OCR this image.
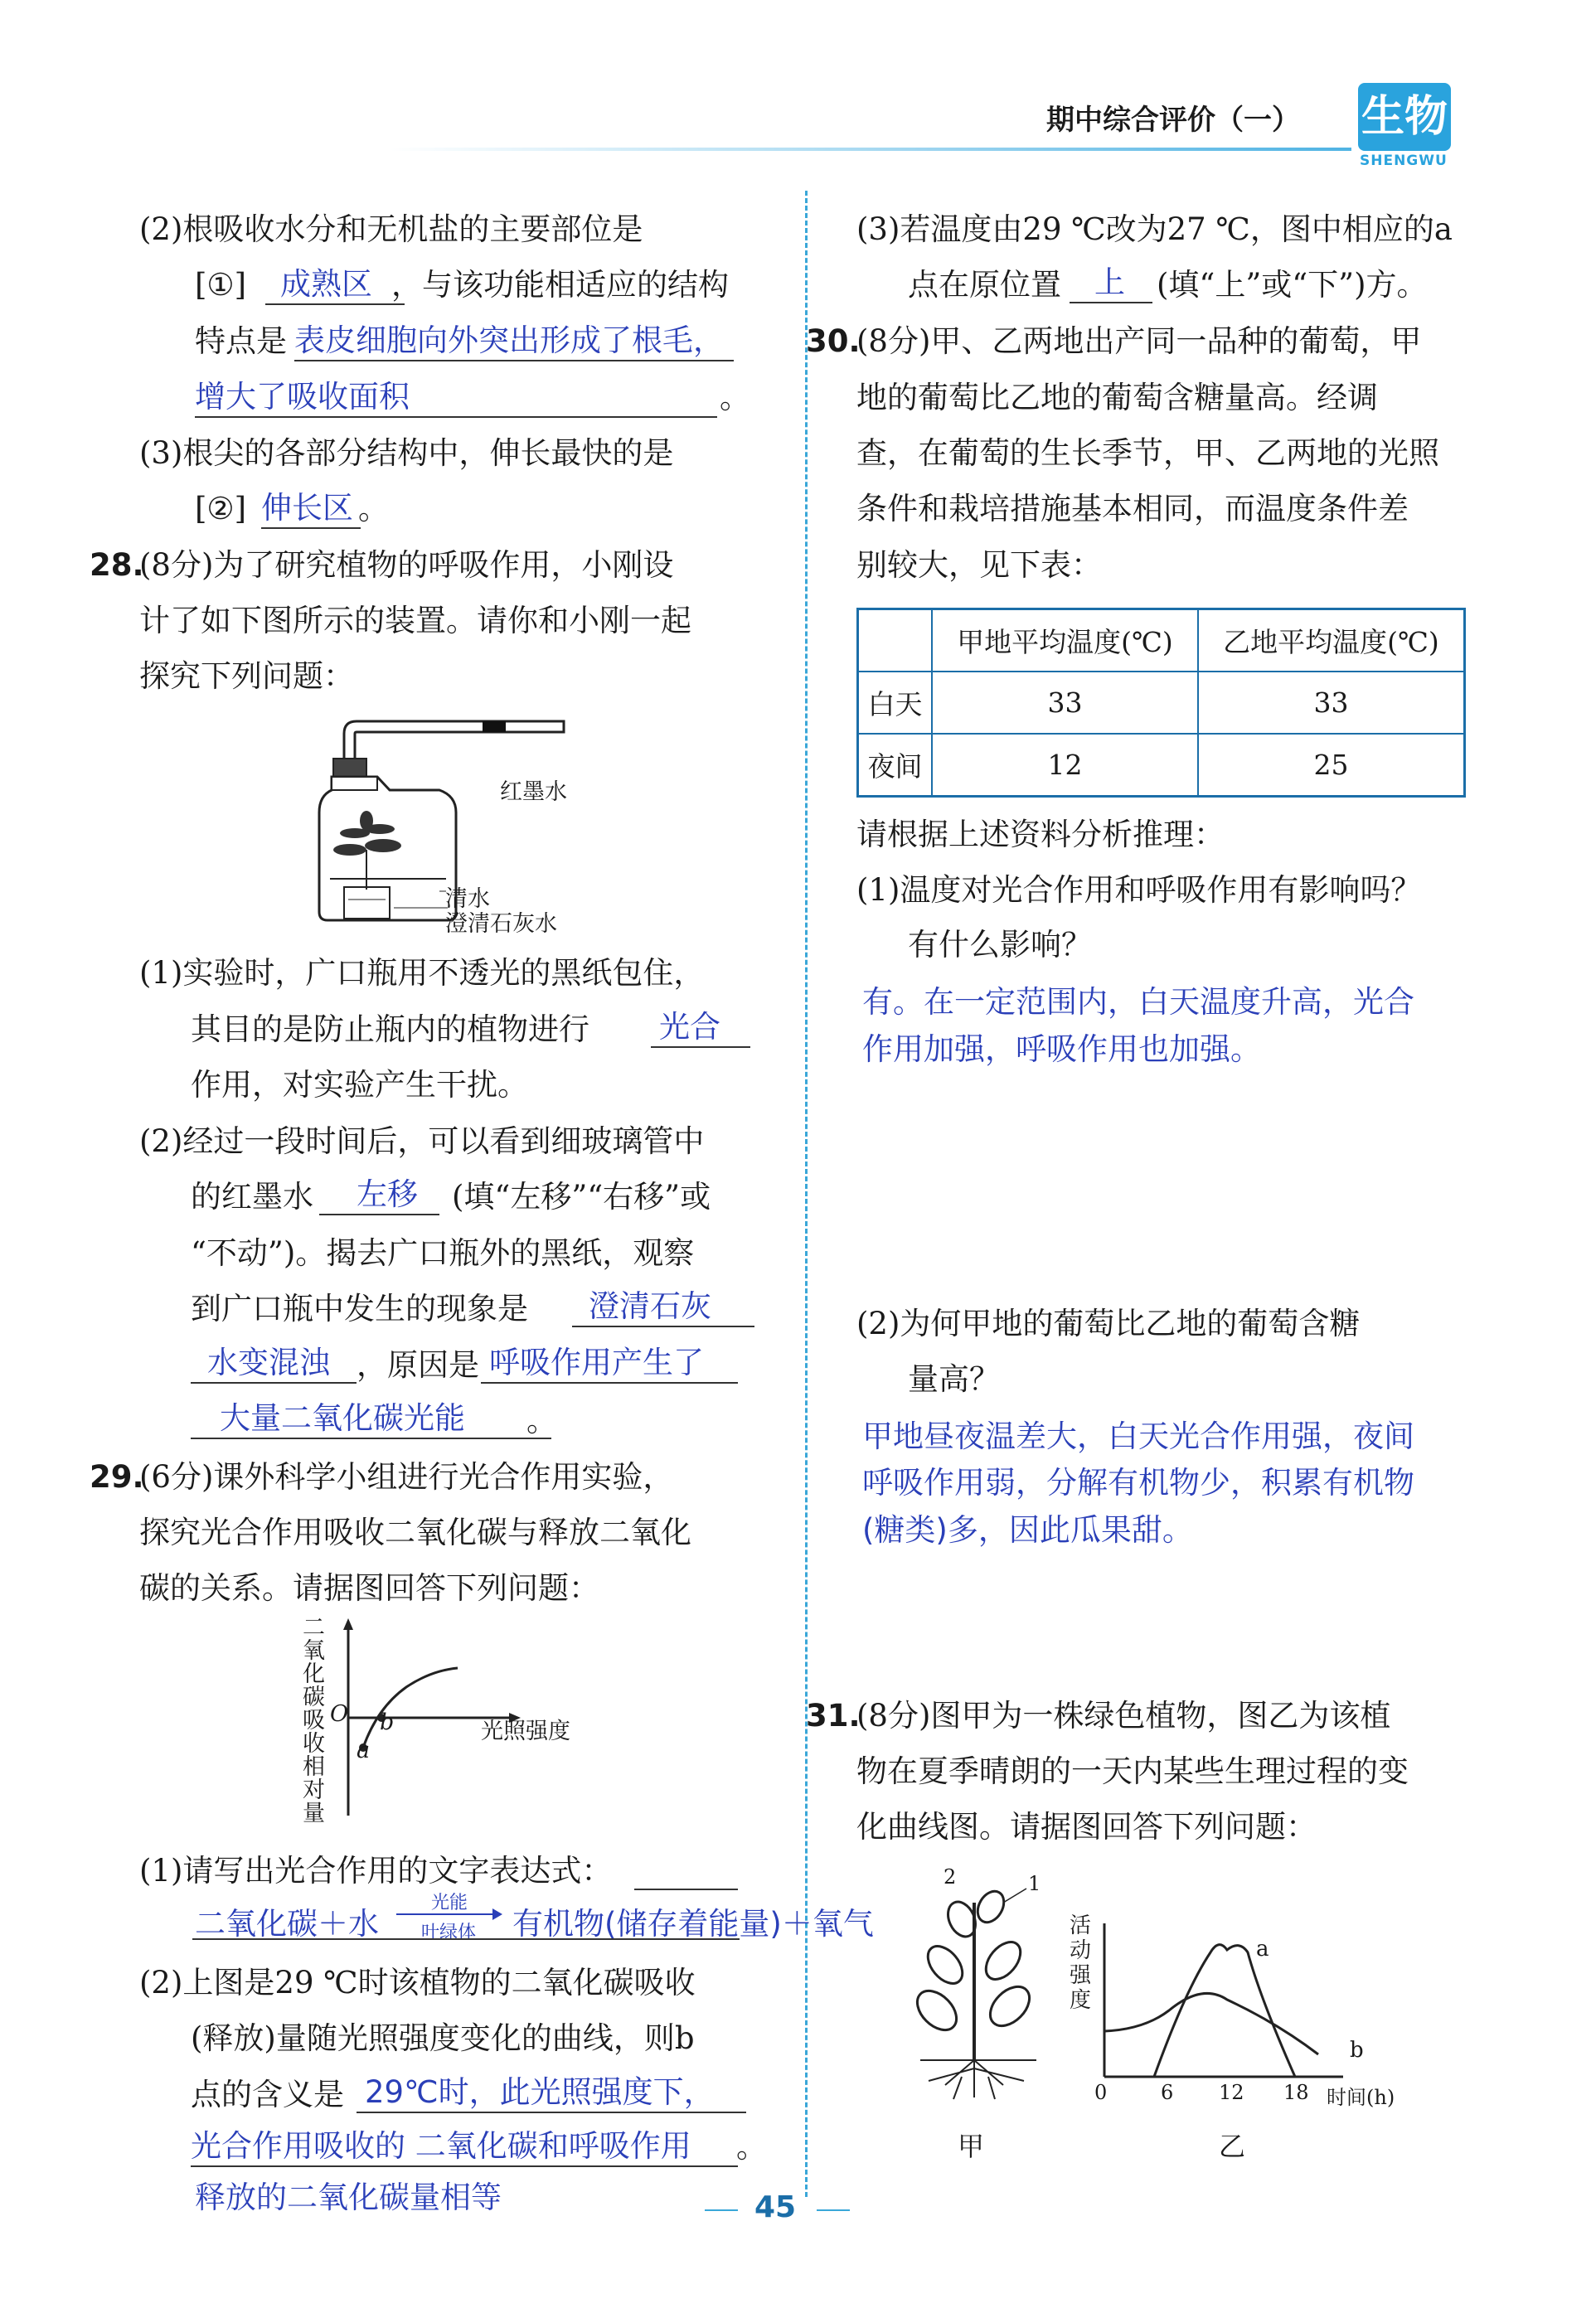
期中综合评价（一） 生物
SHENGWU
(2)根吸收水分和无机盐的主要部位是
[①]	成熟区 ，与该功能相适应的结构
特点是 表皮细胞向外突出形成了根毛，
增大了吸收面积	。
(3)根尖的各部分结构中，伸长最快的是
[②] 伸长区 。
28.
(8分)为了研究植物的呼吸作用，小刚设
计了如下图所示的装置。请你和小刚一起
探究下列问题：
红墨水
清水
澄清石灰水
(1)实验时，广口瓶用不透光的黑纸包住，
其目的是防止瓶内的植物进行 光合
作用，对实验产生干扰。
(2)经过一段时间后，可以看到细玻璃管中
的红墨水	左移	(填“左移”“右移”或
“不动”)。揭去广口瓶外的黑纸，观察
到广口瓶中发生的现象是	澄清石灰
水变混浊 ，原因是 呼吸作用产生了
大量二氧化碳光能	。
29.
(6分)课外科学小组进行光合作用实验，
探究光合作用吸收二氧化碳与释放二氧化
碳的关系。请据图回答下列问题：
二氧化碳吸收相对量
O b
a
光照强度
(1)请写出光合作用的文字表达式：
二氧化碳＋水
光能
叶绿体 有机物(储存着能量)＋氧气
(2)上图是29 ℃时该植物的二氧化碳吸收
(释放)量随光照强度变化的曲线，则b
点的含义是 29℃时，此光照强度下，
光合作用吸收的 二氧化碳和呼吸作用	。
释放的二氧化碳量相等	45
(3)若温度由29 ℃改为27 ℃，图中相应的a
点在原位置	上	(填“上”或“下”)方。
30.
(8分)甲、乙两地出产同一品种的葡萄，甲
地的葡萄比乙地的葡萄含糖量高。经调
查，在葡萄的生长季节，甲、乙两地的光照
条件和栽培措施基本相同，而温度条件差
别较大，见下表：
	甲地平均温度(℃)	乙地平均温度(℃)
白天	33	33
夜间	12	25
请根据上述资料分析推理：
(1)温度对光合作用和呼吸作用有影响吗？
有什么影响？
有。在一定范围内，白天温度升高，光合
作用加强，呼吸作用也加强。
(2)为何甲地的葡萄比乙地的葡萄含糖
量高？
甲地昼夜温差大，白天光合作用强，夜间
呼吸作用弱，分解有机物少，积累有机物
(糖类)多，因此瓜果甜。
31.
(8分)图甲为一株绿色植物，图乙为该植
物在夏季晴朗的一天内某些生理过程的变
化曲线图。请据图回答下列问题：
2	1
甲
活动强度
a
b
0	6 12 18 时间(h)
乙
